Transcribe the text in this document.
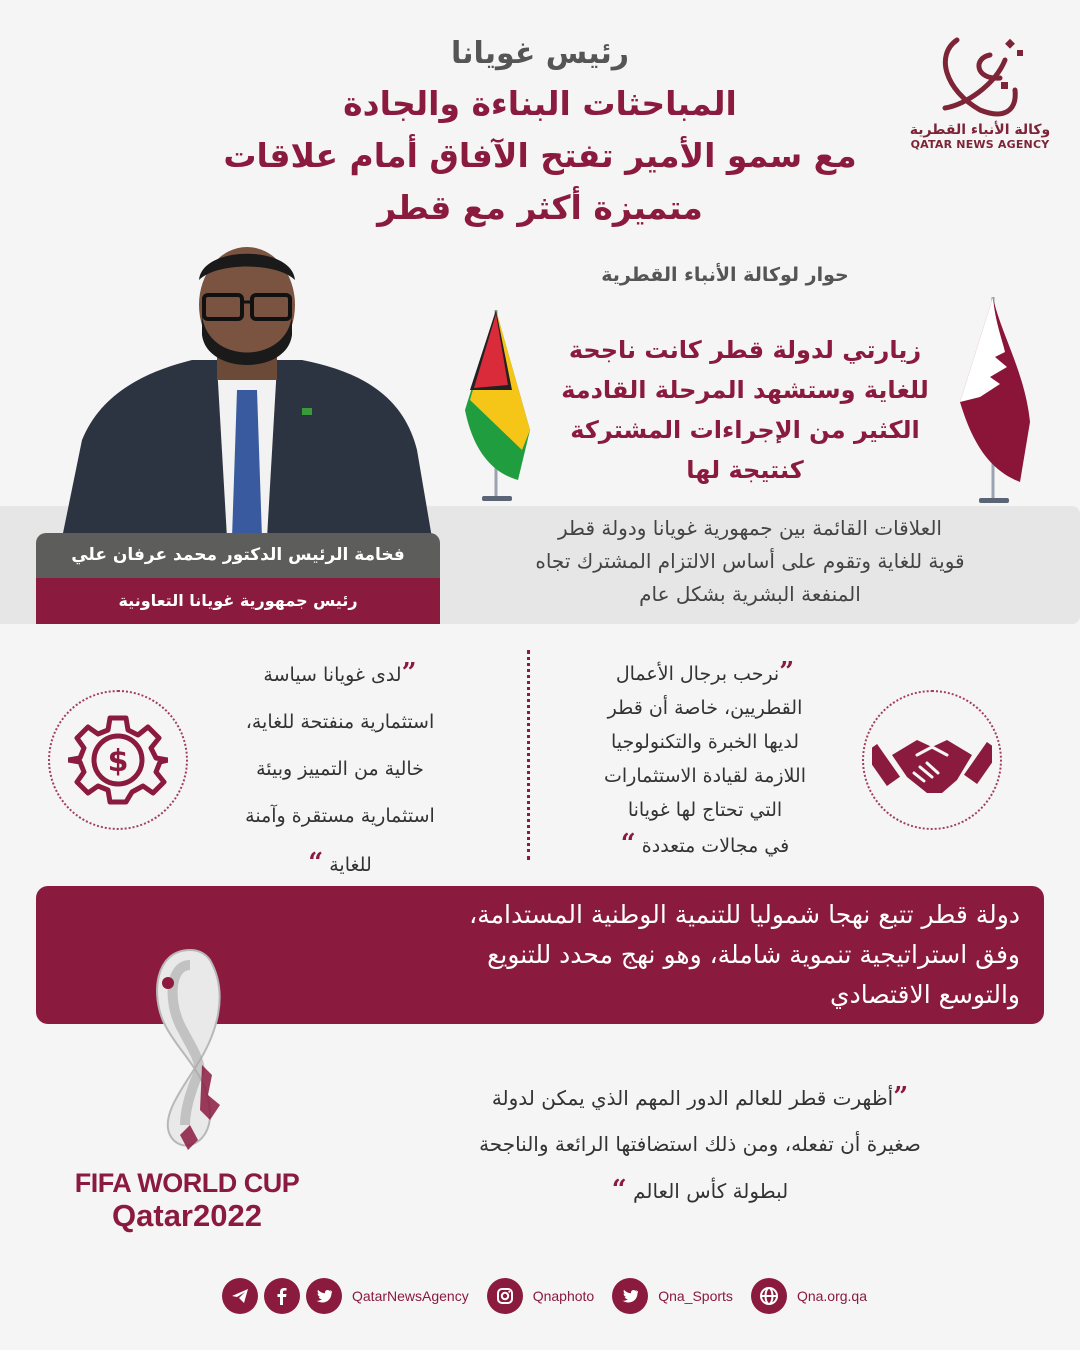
رئيس غويانا
المباحثات البناءة والجادة
مع سمو الأمير تفتح الآفاق أمام علاقات
متميزة أكثر مع قطر
وكالة الأنباء القطرية
QATAR NEWS AGENCY
حوار لوكالة الأنباء القطرية
فخامة الرئيس الدكتور محمد عرفان علي
رئيس جمهورية غويانا التعاونية
زيارتي لدولة قطر كانت ناجحة
للغاية وستشهد المرحلة القادمة
الكثير من الإجراءات المشتركة
كنتيجة لها
العلاقات القائمة بين جمهورية غويانا ودولة قطر
قوية للغاية وتقوم على أساس الالتزام المشترك تجاه
المنفعة البشرية بشكل عام
$
”لدى غويانا سياسة
استثمارية منفتحة للغاية،
خالية من التمييز وبيئة
استثمارية مستقرة وآمنة
للغاية “
”نرحب برجال الأعمال
القطريين، خاصة أن قطر
لديها الخبرة والتكنولوجيا
اللازمة لقيادة الاستثمارات
التي تحتاج لها غويانا
في مجالات متعددة “
دولة قطر تتبع نهجا شموليا للتنمية الوطنية المستدامة،
وفق استراتيجية تنموية شاملة، وهو نهج محدد للتنويع
والتوسع الاقتصادي
FIFA WORLD CUP
Qatar2022
”أظهرت قطر للعالم الدور المهم الذي يمكن لدولة
صغيرة أن تفعله، ومن ذلك استضافتها الرائعة والناجحة
لبطولة كأس العالم “
QatarNewsAgency	Qnaphoto	Qna_Sports	Qna.org.qa
